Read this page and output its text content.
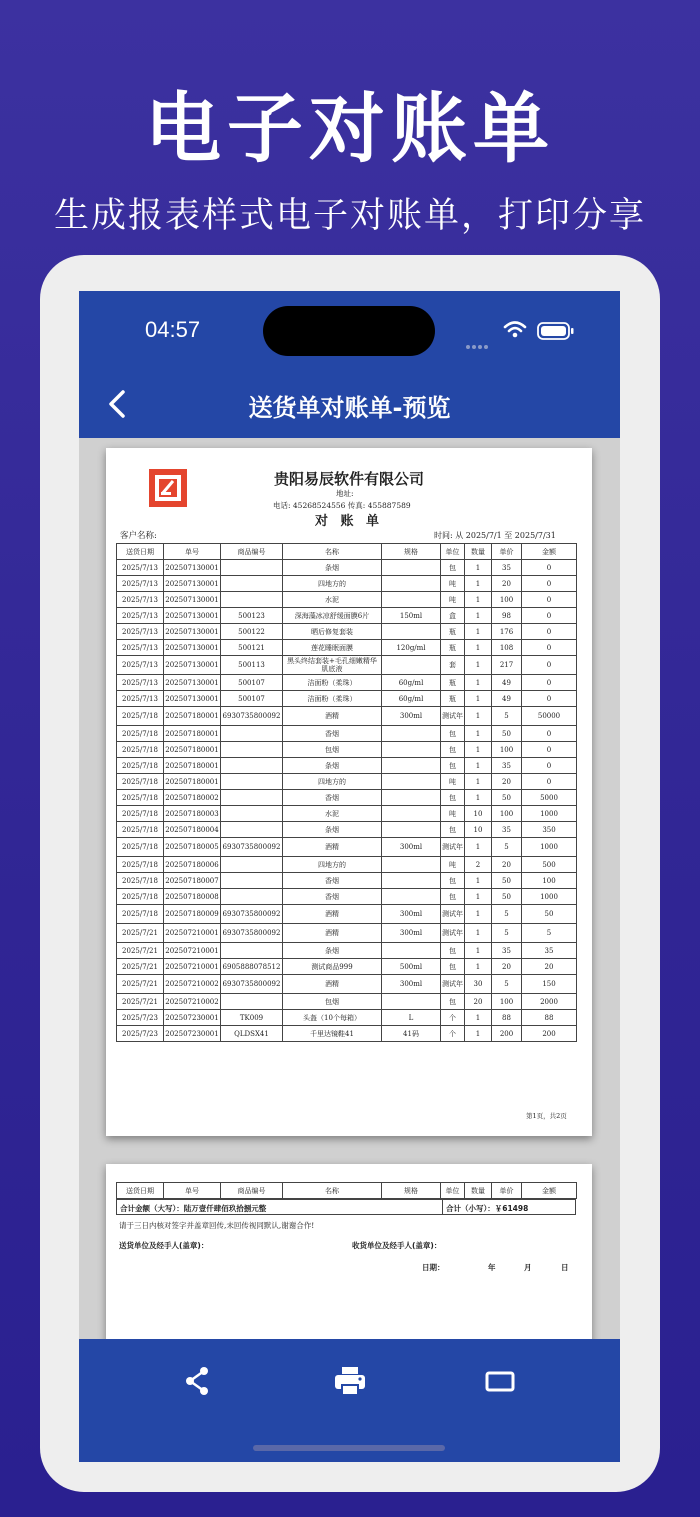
电子对账单
生成报表样式电子对账单，打印分享
04:57
送货单对账单-预览
贵阳易辰软件有限公司
地址:
电话: 45268524556 传真: 455887589
对 账 单
客户名称:	时间: 从 2025/7/1 至 2025/7/31
送货日期	单号	商品编号	名称	规格	单位	数量	单价	金额
2025/7/13	202507130001		条烟		包	1	35	0
2025/7/13	202507130001		四地方的		吨	1	20	0
2025/7/13	202507130001		水泥		吨	1	100	0
2025/7/13	202507130001	500123	深海藻冰凉舒缓面膜6片	150ml	盒	1	98	0
2025/7/13	202507130001	500122	晒后修复套装		瓶	1	176	0
2025/7/13	202507130001	500121	莲花睡眠面膜	120g/ml	瓶	1	108	0
2025/7/13	202507130001	500113	黑头终结套装+毛孔细嫩精华肌底液		套	1	217	0
2025/7/13	202507130001	500107	洁面粉（柔珠）	60g/ml	瓶	1	49	0
2025/7/13	202507130001	500107	洁面粉（柔珠）	60g/ml	瓶	1	49	0
2025/7/18	202507180001	6930735800092	酒精	300ml	测试年	1	5	50000
2025/7/18	202507180001		香烟		包	1	50	0
2025/7/18	202507180001		包烟		包	1	100	0
2025/7/18	202507180001		条烟		包	1	35	0
2025/7/18	202507180001		四地方的		吨	1	20	0
2025/7/18	202507180002		香烟		包	1	50	5000
2025/7/18	202507180003		水泥		吨	10	100	1000
2025/7/18	202507180004		条烟		包	10	35	350
2025/7/18	202507180005	6930735800092	酒精	300ml	测试年	1	5	1000
2025/7/18	202507180006		四地方的		吨	2	20	500
2025/7/18	202507180007		香烟		包	1	50	100
2025/7/18	202507180008		香烟		包	1	50	1000
2025/7/18	202507180009	6930735800092	酒精	300ml	测试年	1	5	50
2025/7/21	202507210001	6930735800092	酒精	300ml	测试年	1	5	5
2025/7/21	202507210001		条烟		包	1	35	35
2025/7/21	202507210001	6905888078512	测试商品999	500ml	包	1	20	20
2025/7/21	202507210002	6930735800092	酒精	300ml	测试年	30	5	150
2025/7/21	202507210002		包烟		包	20	100	2000
2025/7/23	202507230001	TK009	头盔（10个每箱）	L	个	1	88	88
2025/7/23	202507230001	QLDSX41	千里达镜鞋41	41码	个	1	200	200
第1页，共2页
送货日期	单号	商品编号	名称	规格	单位	数量	单价	金额
合计金额（大写）：陆万壹仟肆佰玖拾捌元整	合计（小写）：￥61498
请于三日内核对签字并盖章回传,未回传视同默认,谢谢合作!
送货单位及经手人(盖章)：	收货单位及经手人(盖章)：
日期：	年	月	日
